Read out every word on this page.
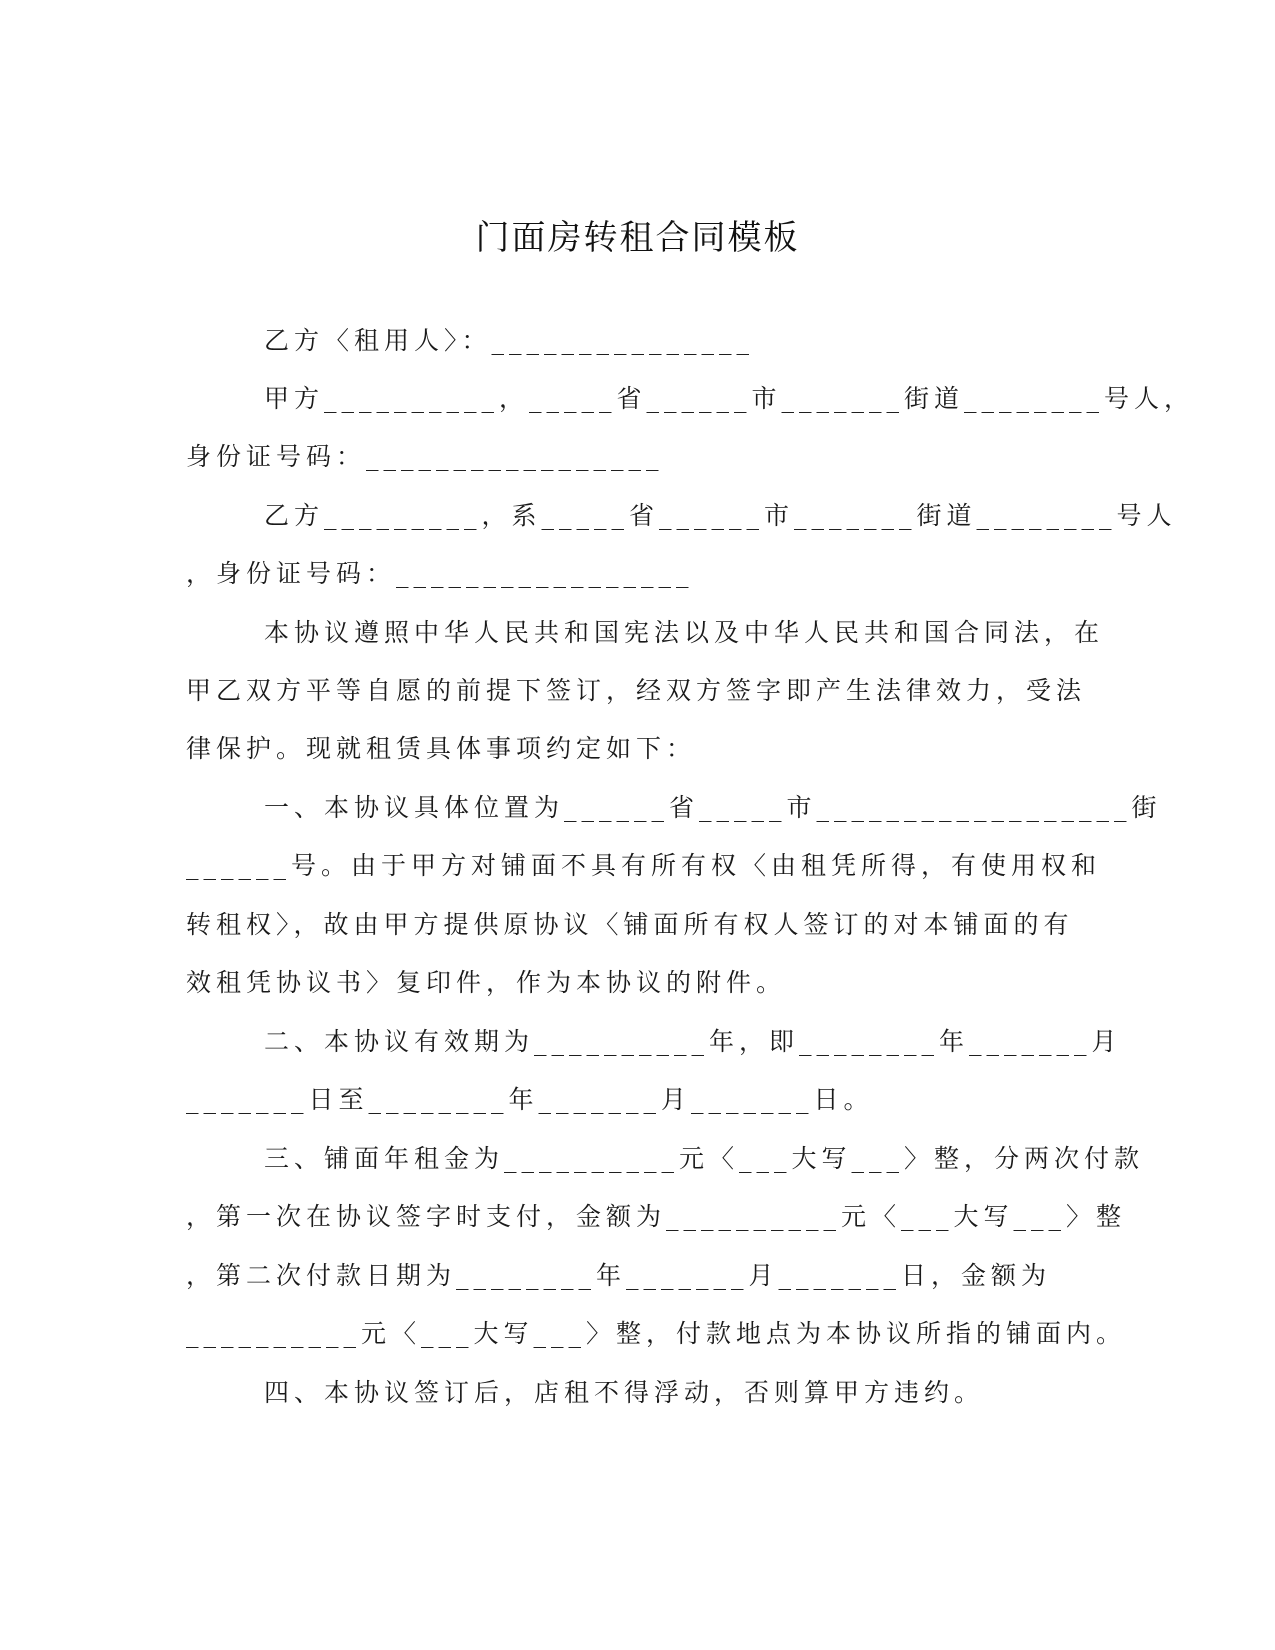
门面房转租合同模板
乙方〈租用人〉：_______________
甲方__________，_____省______市_______街道________号人，
身份证号码：_________________
乙方_________，系_____省______市_______街道________号人
，身份证号码：_________________
本协议遵照中华人民共和国宪法以及中华人民共和国合同法，在
甲乙双方平等自愿的前提下签订，经双方签字即产生法律效力，受法
律保护。现就租赁具体事项约定如下：
一、本协议具体位置为______省_____市__________________街
______号。由于甲方对铺面不具有所有权〈由租凭所得，有使用权和
转租权〉，故由甲方提供原协议〈铺面所有权人签订的对本铺面的有
效租凭协议书〉复印件，作为本协议的附件。
二、本协议有效期为__________年，即________年_______月
_______日至________年_______月_______日。
三、铺面年租金为__________元〈___大写___〉整，分两次付款
，第一次在协议签字时支付，金额为__________元〈___大写___〉整
，第二次付款日期为________年_______月_______日，金额为
__________元〈___大写___〉整，付款地点为本协议所指的铺面内。
四、本协议签订后，店租不得浮动，否则算甲方违约。
